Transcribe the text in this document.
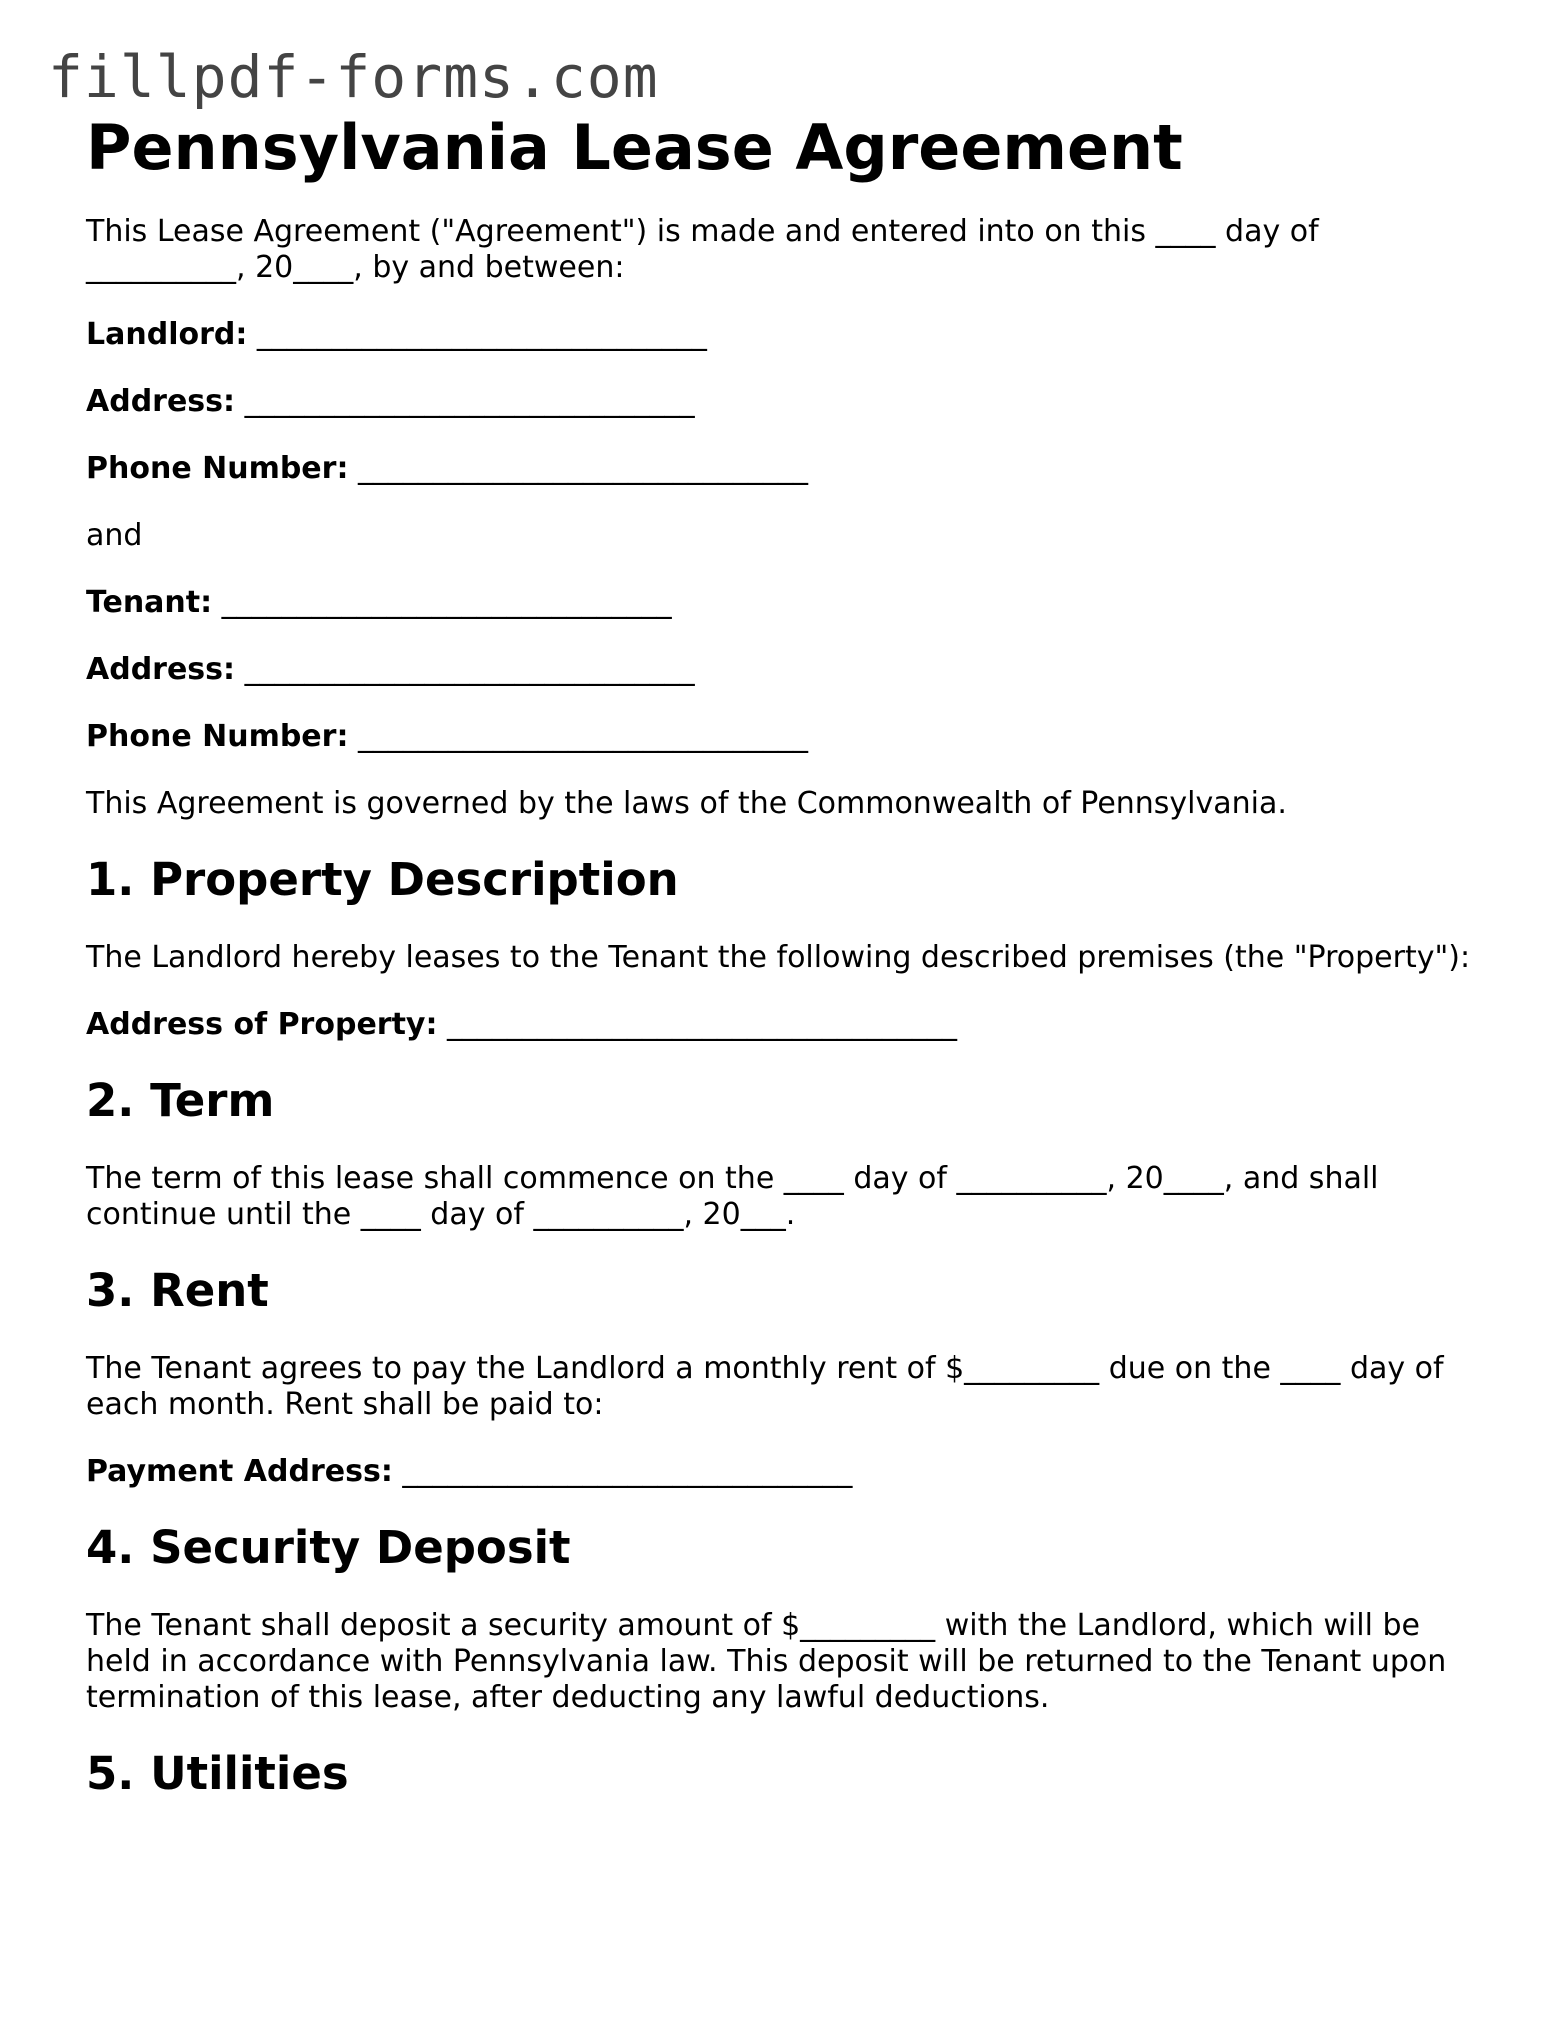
fillpdf-forms.com
Pennsylvania Lease Agreement
This Lease Agreement ("Agreement") is made and entered into on this ____ day of __________, 20____, by and between:
Landlord: ______________________________
Address: ______________________________
Phone Number: ______________________________
and
Tenant: ______________________________
Address: ______________________________
Phone Number: ______________________________
This Agreement is governed by the laws of the Commonwealth of Pennsylvania.
1. Property Description
The Landlord hereby leases to the Tenant the following described premises (the "Property"):
Address of Property: __________________________________
2. Term
The term of this lease shall commence on the ____ day of __________, 20____, and shall continue until the ____ day of __________, 20___.
3. Rent
The Tenant agrees to pay the Landlord a monthly rent of $_________ due on the ____ day of each month. Rent shall be paid to:
Payment Address: ______________________________
4. Security Deposit
The Tenant shall deposit a security amount of $_________ with the Landlord, which will be held in accordance with Pennsylvania law. This deposit will be returned to the Tenant upon termination of this lease, after deducting any lawful deductions.
5. Utilities
